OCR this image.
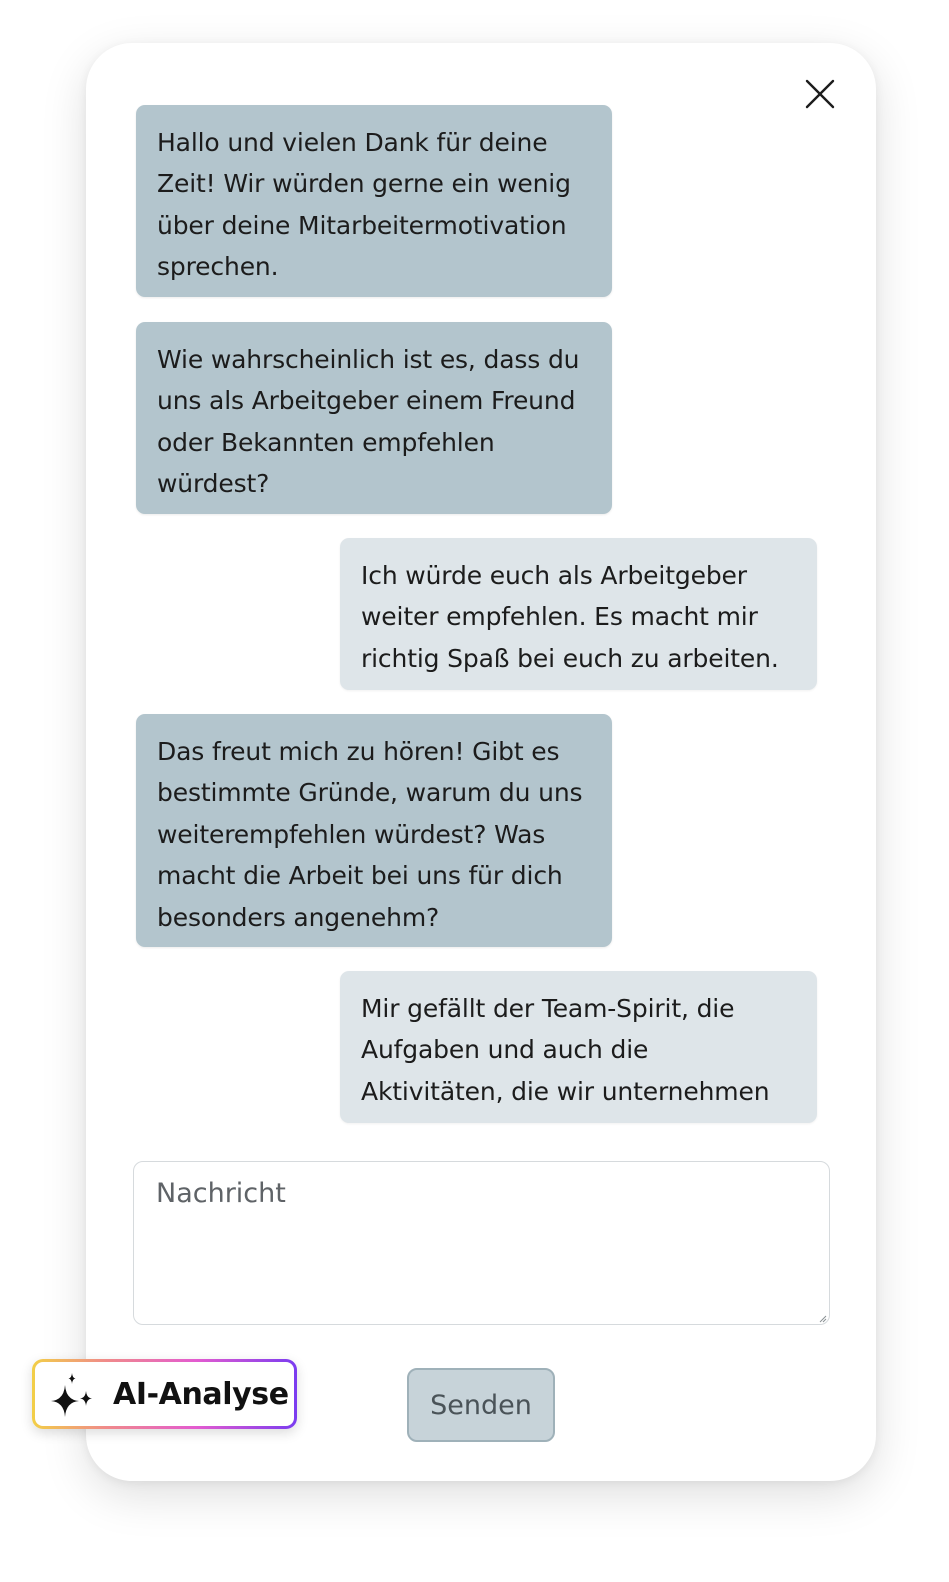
Hallo und vielen Dank für deine Zeit! Wir würden gerne ein wenig über deine Mitarbeitermotivation sprechen.
Wie wahrscheinlich ist es, dass du uns als Arbeitgeber einem Freund oder Bekannten empfehlen würdest?
Ich würde euch als Arbeitgeber weiter empfehlen. Es macht mir richtig Spaß bei euch zu arbeiten.
Das freut mich zu hören! Gibt es bestimmte Gründe, warum du uns weiterempfehlen würdest? Was macht die Arbeit bei uns für dich besonders angenehm?
Mir gefällt der Team-Spirit, die Aufgaben und auch die Aktivitäten, die wir unternehmen
Nachricht
Senden
AI-Analyse
